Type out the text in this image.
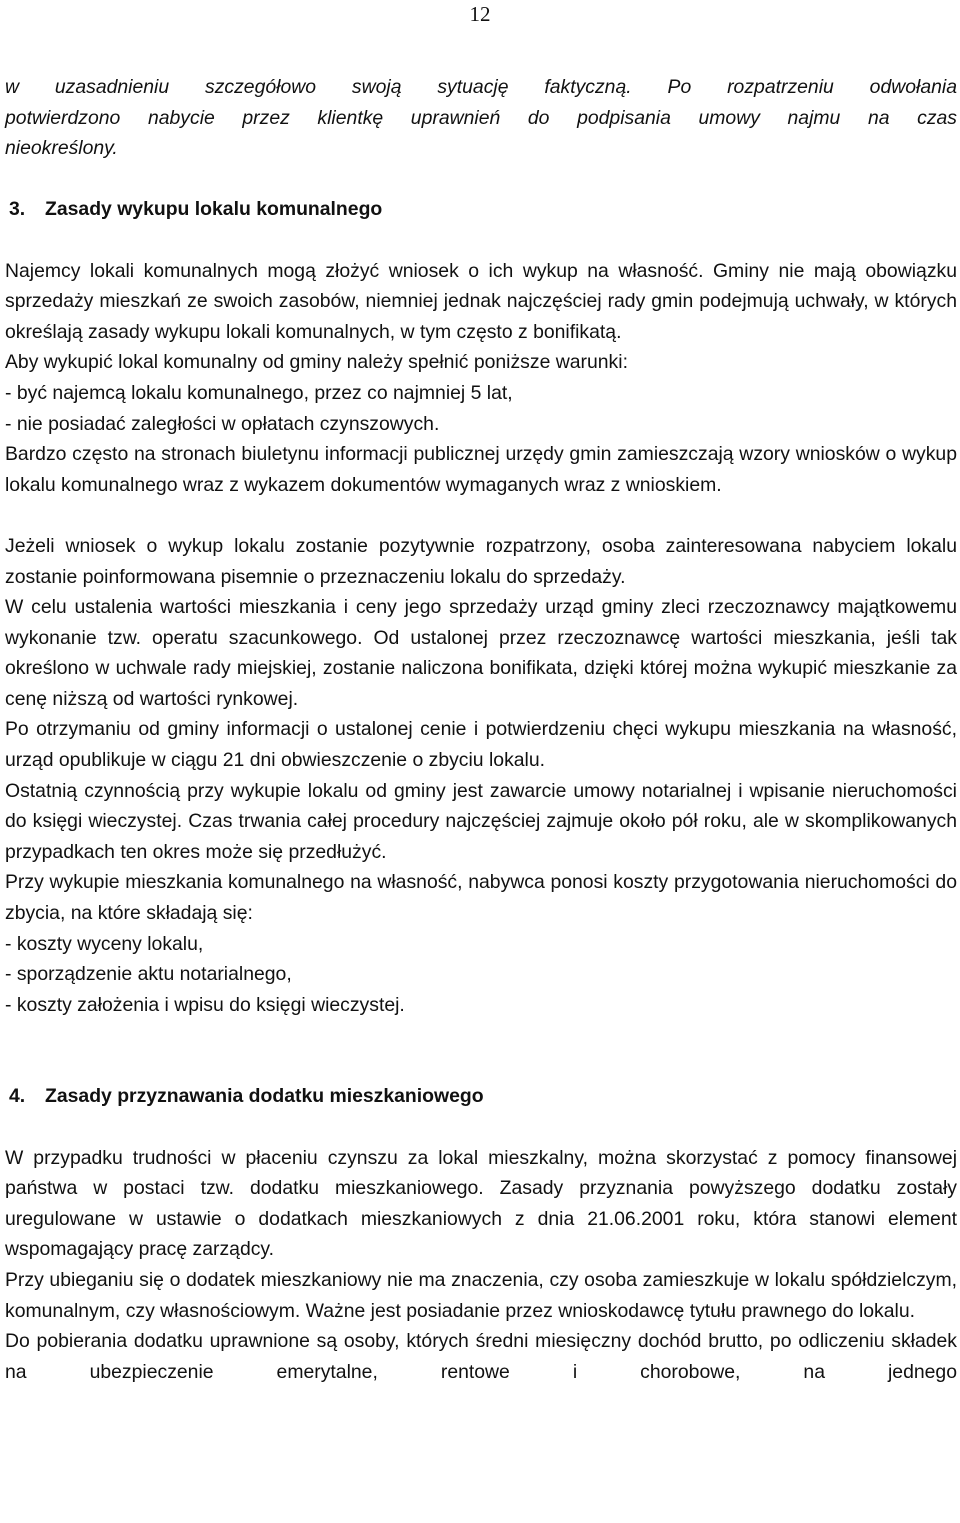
12

w uzasadnieniu szczegółowo swoją sytuację faktyczną. Po rozpatrzeniu odwołania

potwierdzono nabycie przez klientkę uprawnień do podpisania umowy najmu na czas

nieokreślony.

3.	Zasady wykupu lokalu komunalnego

Najemcy lokali komunalnych mogą złożyć wniosek o ich wykup na własność. Gminy nie mają obowiązku sprzedaży mieszkań ze swoich zasobów, niemniej jednak najczęściej rady gmin podejmują uchwały, w których określają zasady wykupu lokali komunalnych, w tym często z bonifikatą.

Aby wykupić lokal komunalny od gminy należy spełnić poniższe warunki:

- być najemcą lokalu komunalnego, przez co najmniej 5 lat,

- nie posiadać zaległości w opłatach czynszowych.

Bardzo często na stronach biuletynu informacji publicznej urzędy gmin zamieszczają wzory wniosków o wykup lokalu komunalnego wraz z wykazem dokumentów wymaganych wraz z wnioskiem.

Jeżeli wniosek o wykup lokalu zostanie pozytywnie rozpatrzony, osoba zainteresowana nabyciem lokalu zostanie poinformowana pisemnie o przeznaczeniu lokalu do sprzedaży.

W celu ustalenia wartości mieszkania i ceny jego sprzedaży urząd gminy zleci rzeczoznawcy majątkowemu wykonanie tzw. operatu szacunkowego. Od ustalonej przez rzeczoznawcę wartości mieszkania, jeśli tak określono w uchwale rady miejskiej, zostanie naliczona bonifikata, dzięki której można wykupić mieszkanie za cenę niższą od wartości rynkowej.

Po otrzymaniu od gminy informacji o ustalonej cenie i potwierdzeniu chęci wykupu mieszkania na własność, urząd opublikuje w ciągu 21 dni obwieszczenie o zbyciu lokalu.

Ostatnią czynnością przy wykupie lokalu od gminy jest zawarcie umowy notarialnej i wpisanie nieruchomości do księgi wieczystej. Czas trwania całej procedury najczęściej zajmuje około pół roku, ale w skomplikowanych przypadkach ten okres może się przedłużyć.

Przy wykupie mieszkania komunalnego na własność, nabywca ponosi koszty przygotowania nieruchomości do zbycia, na które składają się:

- koszty wyceny lokalu,

- sporządzenie aktu notarialnego,

- koszty założenia i wpisu do księgi wieczystej.

4.	Zasady przyznawania dodatku mieszkaniowego

W przypadku trudności w płaceniu czynszu za lokal mieszkalny, można skorzystać z pomocy finansowej państwa w postaci tzw. dodatku mieszkaniowego. Zasady przyznania powyższego dodatku zostały uregulowane w ustawie o dodatkach mieszkaniowych z dnia 21.06.2001 roku, która stanowi element wspomagający pracę zarządcy.

Przy ubieganiu się o dodatek mieszkaniowy nie ma znaczenia, czy osoba zamieszkuje w lokalu spółdzielczym, komunalnym, czy własnościowym. Ważne jest posiadanie przez wnioskodawcę tytułu prawnego do lokalu.

Do pobierania dodatku uprawnione są osoby, których średni miesięczny dochód brutto, po odliczeniu składek na ubezpieczenie emerytalne, rentowe i chorobowe, na jednego
